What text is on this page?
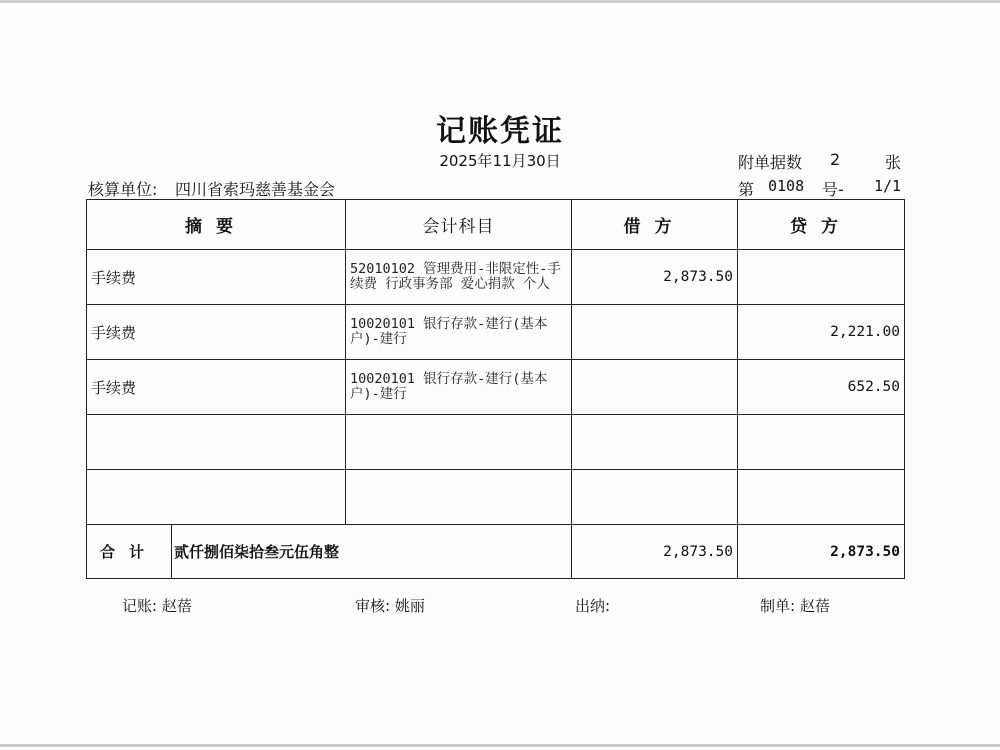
记账凭证
2025年11月30日	附单据数 2	张
核算单位: 四川省索玛慈善基金会	第 0108 号- 1/1
摘要	会计科目	借方	贷方
手续费	52010102 管理费用-非限定性-手续费 行政事务部 爱心捐款 个人	2,873.50	
手续费	10020101 银行存款-建行(基本户)-建行		2,221.00
手续费	10020101 银行存款-建行(基本户)-建行		652.50

合计 贰仟捌佰柒拾叁元伍角整		2,873.50	2,873.50
记账: 赵蓓	审核: 姚丽	出纳:	制单: 赵蓓
